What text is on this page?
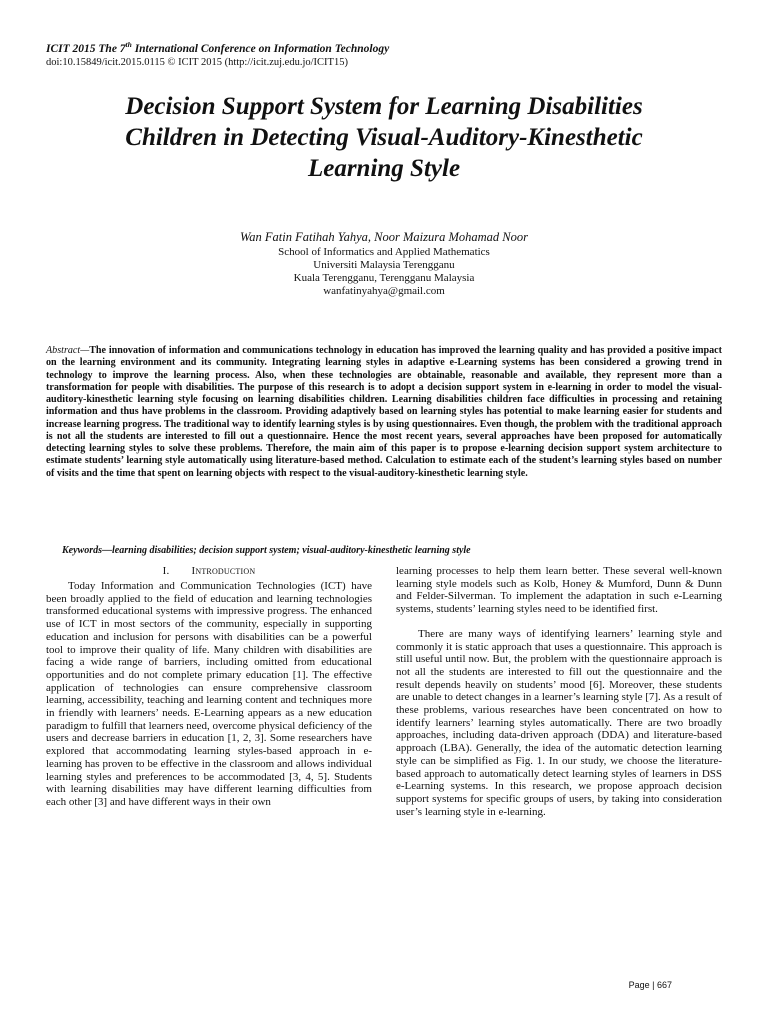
ICIT 2015 The 7th International Conference on Information Technology
doi:10.15849/icit.2015.0115 © ICIT 2015 (http://icit.zuj.edu.jo/ICIT15)
Decision Support System for Learning Disabilities
Children in Detecting Visual-Auditory-Kinesthetic
Learning Style
Wan Fatin Fatihah Yahya, Noor Maizura Mohamad Noor
School of Informatics and Applied Mathematics
Universiti Malaysia Terengganu
Kuala Terengganu, Terengganu Malaysia
wanfatinyahya@gmail.com
Abstract—The innovation of information and communications technology in education has improved the learning quality and has provided a positive impact on the learning environment and its community. Integrating learning styles in adaptive e-Learning systems has been considered a growing trend in technology to improve the learning process. Also, when these technologies are obtainable, reasonable and available, they represent more than a transformation for people with disabilities. The purpose of this research is to adopt a decision support system in e-learning in order to model the visual-auditory-kinesthetic learning style focusing on learning disabilities children. Learning disabilities children face difficulties in processing and retaining information and thus have problems in the classroom. Providing adaptively based on learning styles has potential to make learning easier for students and increase learning progress. The traditional way to identify learning styles is by using questionnaires. Even though, the problem with the traditional approach is not all the students are interested to fill out a questionnaire. Hence the most recent years, several approaches have been proposed for automatically detecting learning styles to solve these problems. Therefore, the main aim of this paper is to propose e-learning decision support system architecture to estimate students’ learning style automatically using literature-based method. Calculation to estimate each of the student’s learning styles based on number of visits and the time that spent on learning objects with respect to the visual-auditory-kinesthetic learning style.
Keywords—learning disabilities; decision support system; visual-auditory-kinesthetic learning style
I. Introduction

Today Information and Communication Technologies (ICT) have been broadly applied to the field of education and learning technologies transformed educational systems with impressive progress. The enhanced use of ICT in most sectors of the community, especially in supporting education and inclusion for persons with disabilities can be a powerful tool to improve their quality of life. Many children with disabilities are facing a wide range of barriers, including omitted from educational opportunities and do not complete primary education [1]. The effective application of technologies can ensure comprehensive classroom learning, accessibility, teaching and learning content and techniques more in friendly with learners’ needs. E-Learning appears as a new education paradigm to fulfill that learners need, overcome physical deficiency of the users and decrease barriers in education [1, 2, 3]. Some researchers have explored that accommodating learning styles-based approach in e-learning has proven to be effective in the classroom and allows individual learning styles and preferences to be accommodated [3, 4, 5]. Students with learning disabilities may have different learning difficulties from each other [3] and have different ways in their own

learning processes to help them learn better. These several well-known learning style models such as Kolb, Honey & Mumford, Dunn & Dunn and Felder-Silverman. To implement the adaptation in such e-Learning systems, students’ learning styles need to be identified first.

There are many ways of identifying learners’ learning style and commonly it is static approach that uses a questionnaire. This approach is still useful until now. But, the problem with the questionnaire approach is not all the students are interested to fill out the questionnaire and the result depends heavily on students’ mood [6]. Moreover, these students are unable to detect changes in a learner’s learning style [7]. As a result of these problems, various researches have been concentrated on how to identify learners’ learning styles automatically. There are two broadly approaches, including data-driven approach (DDA) and literature-based approach (LBA). Generally, the idea of the automatic detection learning style can be simplified as Fig. 1. In our study, we choose the literature-based approach to automatically detect learning styles of learners in DSS e-Learning systems. In this research, we propose approach decision support systems for specific groups of users, by taking into consideration user’s learning style in e-learning.

Page | 667
